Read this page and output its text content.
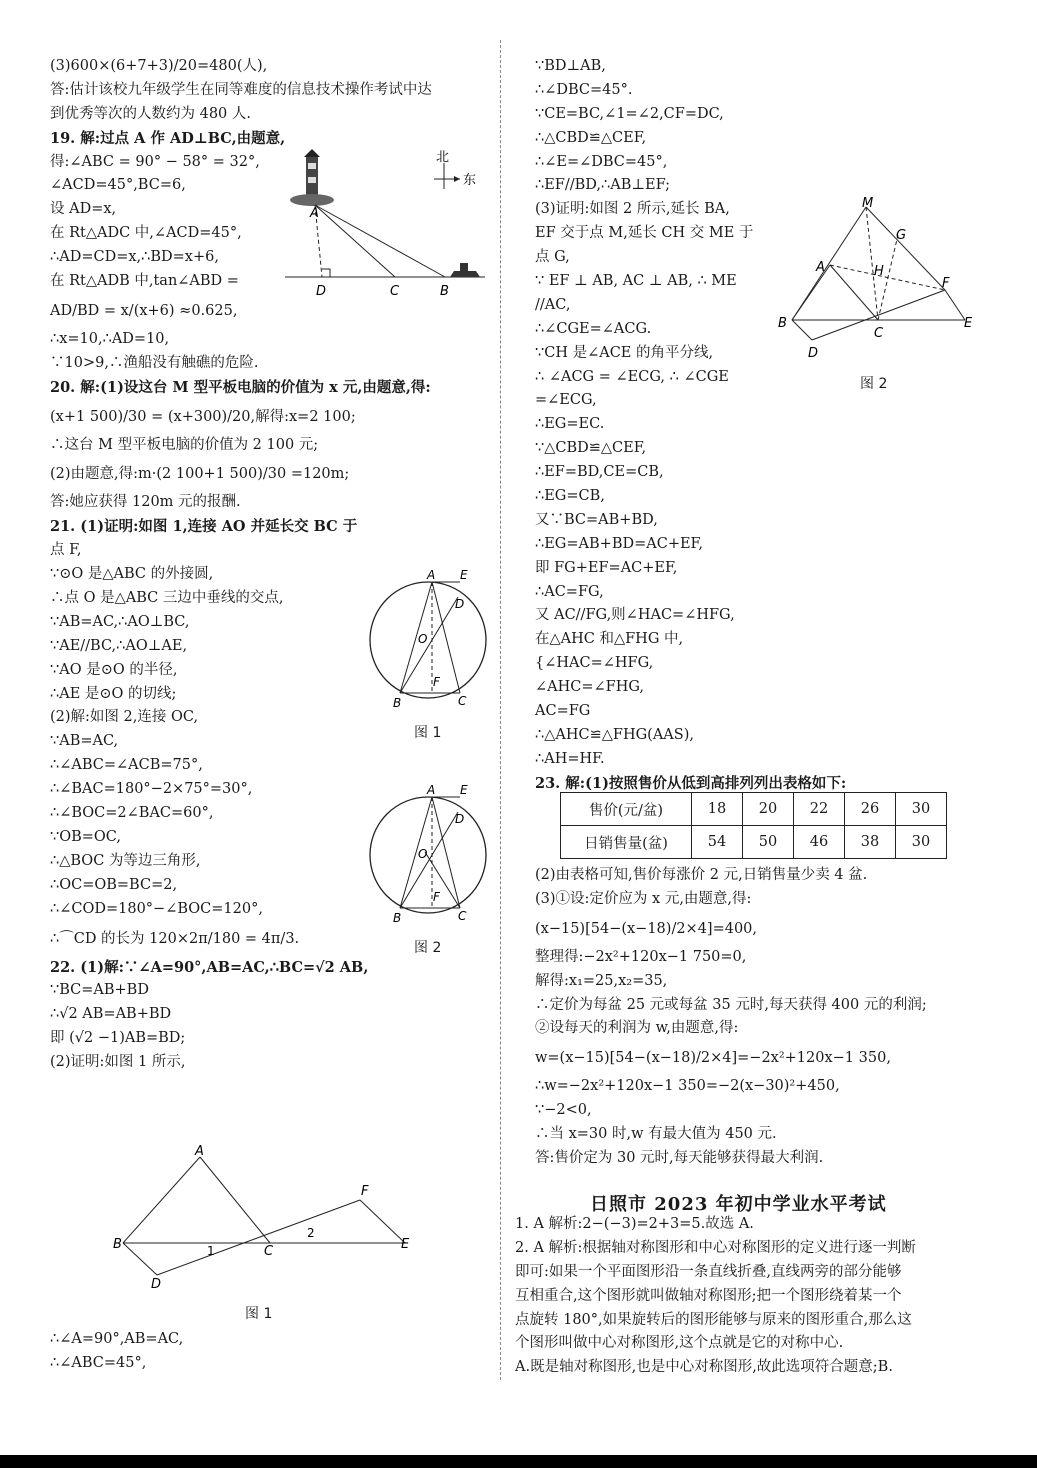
(3)600×(6+7+3)/20=480(人),
答:估计该校九年级学生在同等难度的信息技术操作考试中达
到优秀等次的人数约为 480 人.
19. 解:过点 A 作 AD⊥BC,由题意,
得:∠ABC = 90° − 58° = 32°,
∠ACD=45°,BC=6,
设 AD=x,
在 Rt△ADC 中,∠ACD=45°,
∴AD=CD=x,∴BD=x+6,
在 Rt△ADB 中,tan∠ABD =
AD/BD = x/(x+6) ≈0.625,
∴x=10,∴AD=10,
∵10>9,∴渔船没有触礁的危险.
20. 解:(1)设这台 M 型平板电脑的价值为 x 元,由题意,得:
(x+1 500)/30 = (x+300)/20,解得:x=2 100;
∴这台 M 型平板电脑的价值为 2 100 元;
(2)由题意,得:m·(2 100+1 500)/30 =120m;
答:她应获得 120m 元的报酬.
21. (1)证明:如图 1,连接 AO 并延长交 BC 于
点 F,
∵⊙O 是△ABC 的外接圆,
∴点 O 是△ABC 三边中垂线的交点,
∵AB=AC,∴AO⊥BC,
∵AE//BC,∴AO⊥AE,
∵AO 是⊙O 的半径,
∴AE 是⊙O 的切线;
(2)解:如图 2,连接 OC,
∵AB=AC,
∴∠ABC=∠ACB=75°,
∴∠BAC=180°−2×75°=30°,
∴∠BOC=2∠BAC=60°,
∵OB=OC,
∴△BOC 为等边三角形,
∴OC=OB=BC=2,
∴∠COD=180°−∠BOC=120°,
∴⌒CD 的长为 120×2π/180 = 4π/3.
22. (1)解:∵∠A=90°,AB=AC,∴BC=√2 AB,
∵BC=AB+BD
∴√2 AB=AB+BD
即 (√2 −1)AB=BD;
(2)证明:如图 1 所示,
∴∠A=90°,AB=AC,
∴∠ABC=45°,
A
D	C	B
北
东
A E
D
O
F
B	C
图 1
A E
D
O
F
B	C
图 2
A
B	C
D
F
E
1
2
图 1
∵BD⊥AB,
∴∠DBC=45°.
∵CE=BC,∠1=∠2,CF=DC,
∴△CBD≌△CEF,
∴∠E=∠DBC=45°,
∴EF//BD,∴AB⊥EF;
(3)证明:如图 2 所示,延长 BA,
EF 交于点 M,延长 CH 交 ME 于
点 G,
∵ EF ⊥ AB, AC ⊥ AB, ∴ ME
//AC,
∴∠CGE=∠ACG.
∵CH 是∠ACE 的角平分线,
∴ ∠ACG = ∠ECG, ∴ ∠CGE
=∠ECG,
∴EG=EC.
∵△CBD≌△CEF,
∴EF=BD,CE=CB,
∴EG=CB,
又∵BC=AB+BD,
∴EG=AB+BD=AC+EF,
即 FG+EF=AC+EF,
∴AC=FG,
又 AC//FG,则∠HAC=∠HFG,
在△AHC 和△FHG 中,
{∠HAC=∠HFG,
∠AHC=∠FHG,
AC=FG
∴△AHC≌△FHG(AAS),
∴AH=HF.
23. 解:(1)按照售价从低到高排列列出表格如下:
M
G
A	H
F
B
C
E
D
图 2
售价(元/盆)	18	20	22	26	30
日销售量(盆)	54	50	46	38	30
(2)由表格可知,售价每涨价 2 元,日销售量少卖 4 盆.
(3)①设:定价应为 x 元,由题意,得:
(x−15)[54−(x−18)/2×4]=400,
整理得:−2x²+120x−1 750=0,
解得:x₁=25,x₂=35,
∴定价为每盆 25 元或每盆 35 元时,每天获得 400 元的利润;
②设每天的利润为 w,由题意,得:
w=(x−15)[54−(x−18)/2×4]=−2x²+120x−1 350,
∴w=−2x²+120x−1 350=−2(x−30)²+450,
∵−2<0,
∴当 x=30 时,w 有最大值为 450 元.
答:售价定为 30 元时,每天能够获得最大利润.
日照市 2023 年初中学业水平考试
1. A 解析:2−(−3)=2+3=5.故选 A.
2. A 解析:根据轴对称图形和中心对称图形的定义进行逐一判断
即可:如果一个平面图形沿一条直线折叠,直线两旁的部分能够
互相重合,这个图形就叫做轴对称图形;把一个图形绕着某一个
点旋转 180°,如果旋转后的图形能够与原来的图形重合,那么这
个图形叫做中心对称图形,这个点就是它的对称中心.
A.既是轴对称图形,也是中心对称图形,故此选项符合题意;B.
